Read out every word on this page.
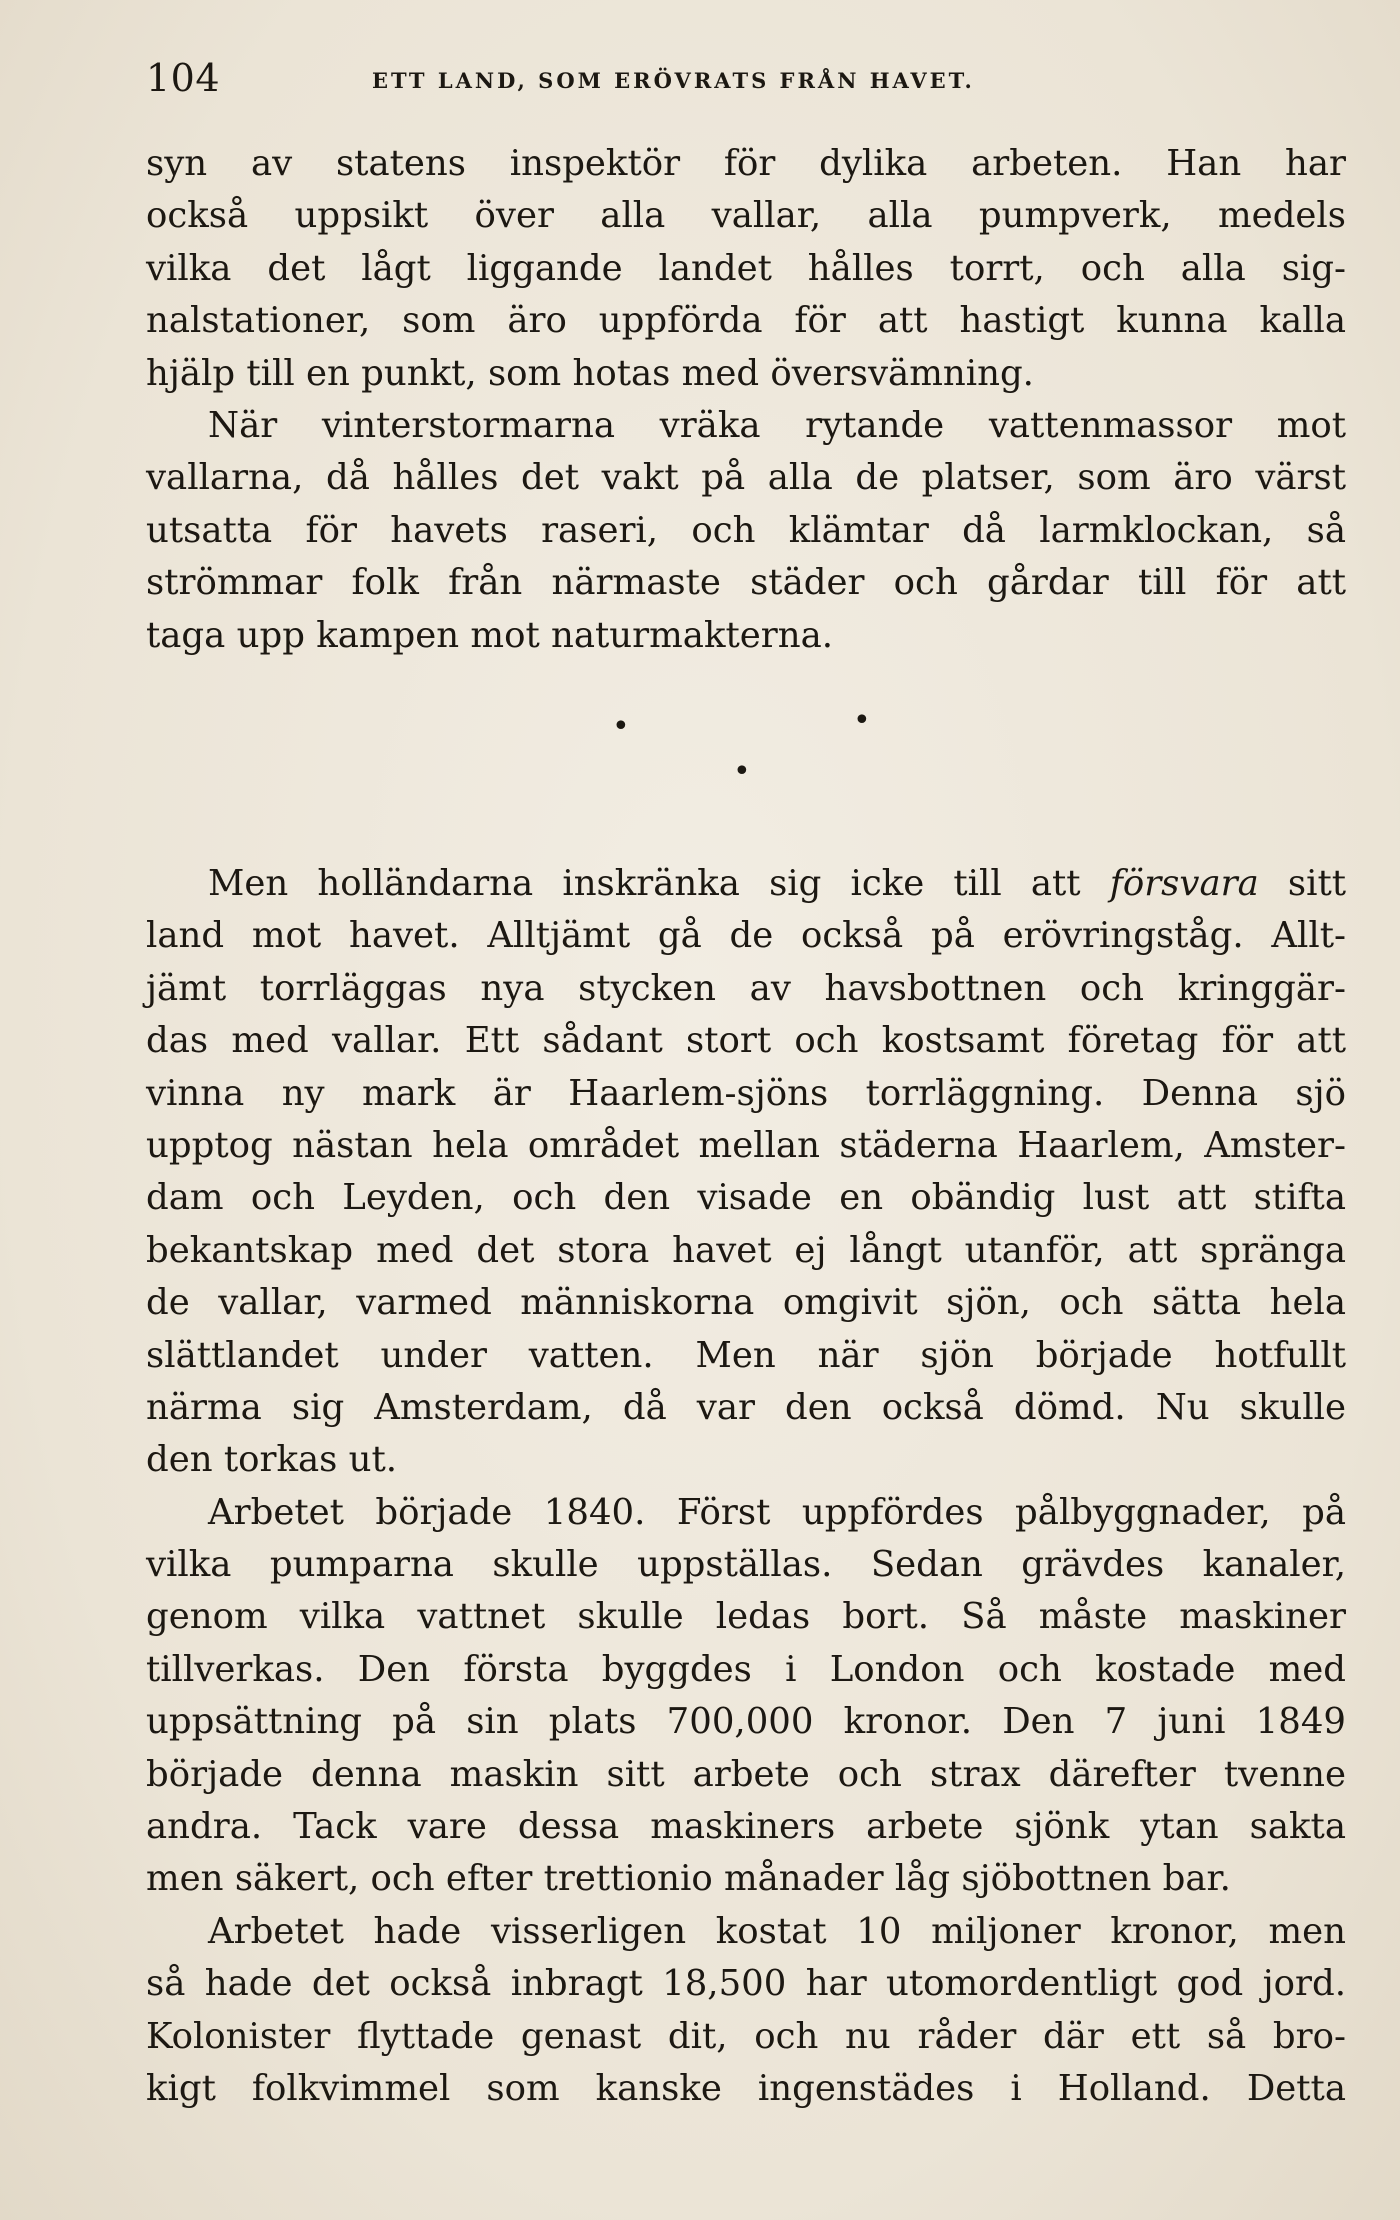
104	ETT LAND, SOM ERÖVRATS FRÅN HAVET.
syn av statens inspektör för dylika arbeten. Han har
också uppsikt över alla vallar, alla pumpverk, medels
vilka det lågt liggande landet hålles torrt, och alla sig-
nalstationer, som äro uppförda för att hastigt kunna kalla
hjälp till en punkt, som hotas med översvämning.
När vinterstormarna vräka rytande vattenmassor mot
vallarna, då hålles det vakt på alla de platser, som äro värst
utsatta för havets raseri, och klämtar då larmklockan, så
strömmar folk från närmaste städer och gårdar till för att
taga upp kampen mot naturmakterna.
•	•
•
Men holländarna inskränka sig icke till att försvara sitt
land mot havet. Alltjämt gå de också på erövringståg. Allt-
jämt torrläggas nya stycken av havsbottnen och kringgär-
das med vallar. Ett sådant stort och kostsamt företag för att
vinna ny mark är Haarlem-sjöns torrläggning. Denna sjö
upptog nästan hela området mellan städerna Haarlem, Amster-
dam och Leyden, och den visade en obändig lust att stifta
bekantskap med det stora havet ej långt utanför, att spränga
de vallar, varmed människorna omgivit sjön, och sätta hela
slättlandet under vatten. Men när sjön började hotfullt
närma sig Amsterdam, då var den också dömd. Nu skulle
den torkas ut.
Arbetet började 1840. Först uppfördes pålbyggnader, på
vilka pumparna skulle uppställas. Sedan grävdes kanaler,
genom vilka vattnet skulle ledas bort. Så måste maskiner
tillverkas. Den första byggdes i London och kostade med
uppsättning på sin plats 700,000 kronor. Den 7 juni 1849
började denna maskin sitt arbete och strax därefter tvenne
andra. Tack vare dessa maskiners arbete sjönk ytan sakta
men säkert, och efter trettionio månader låg sjöbottnen bar.
Arbetet hade visserligen kostat 10 miljoner kronor, men
så hade det också inbragt 18,500 har utomordentligt god jord.
Kolonister flyttade genast dit, och nu råder där ett så bro-
kigt folkvimmel som kanske ingenstädes i Holland. Detta
